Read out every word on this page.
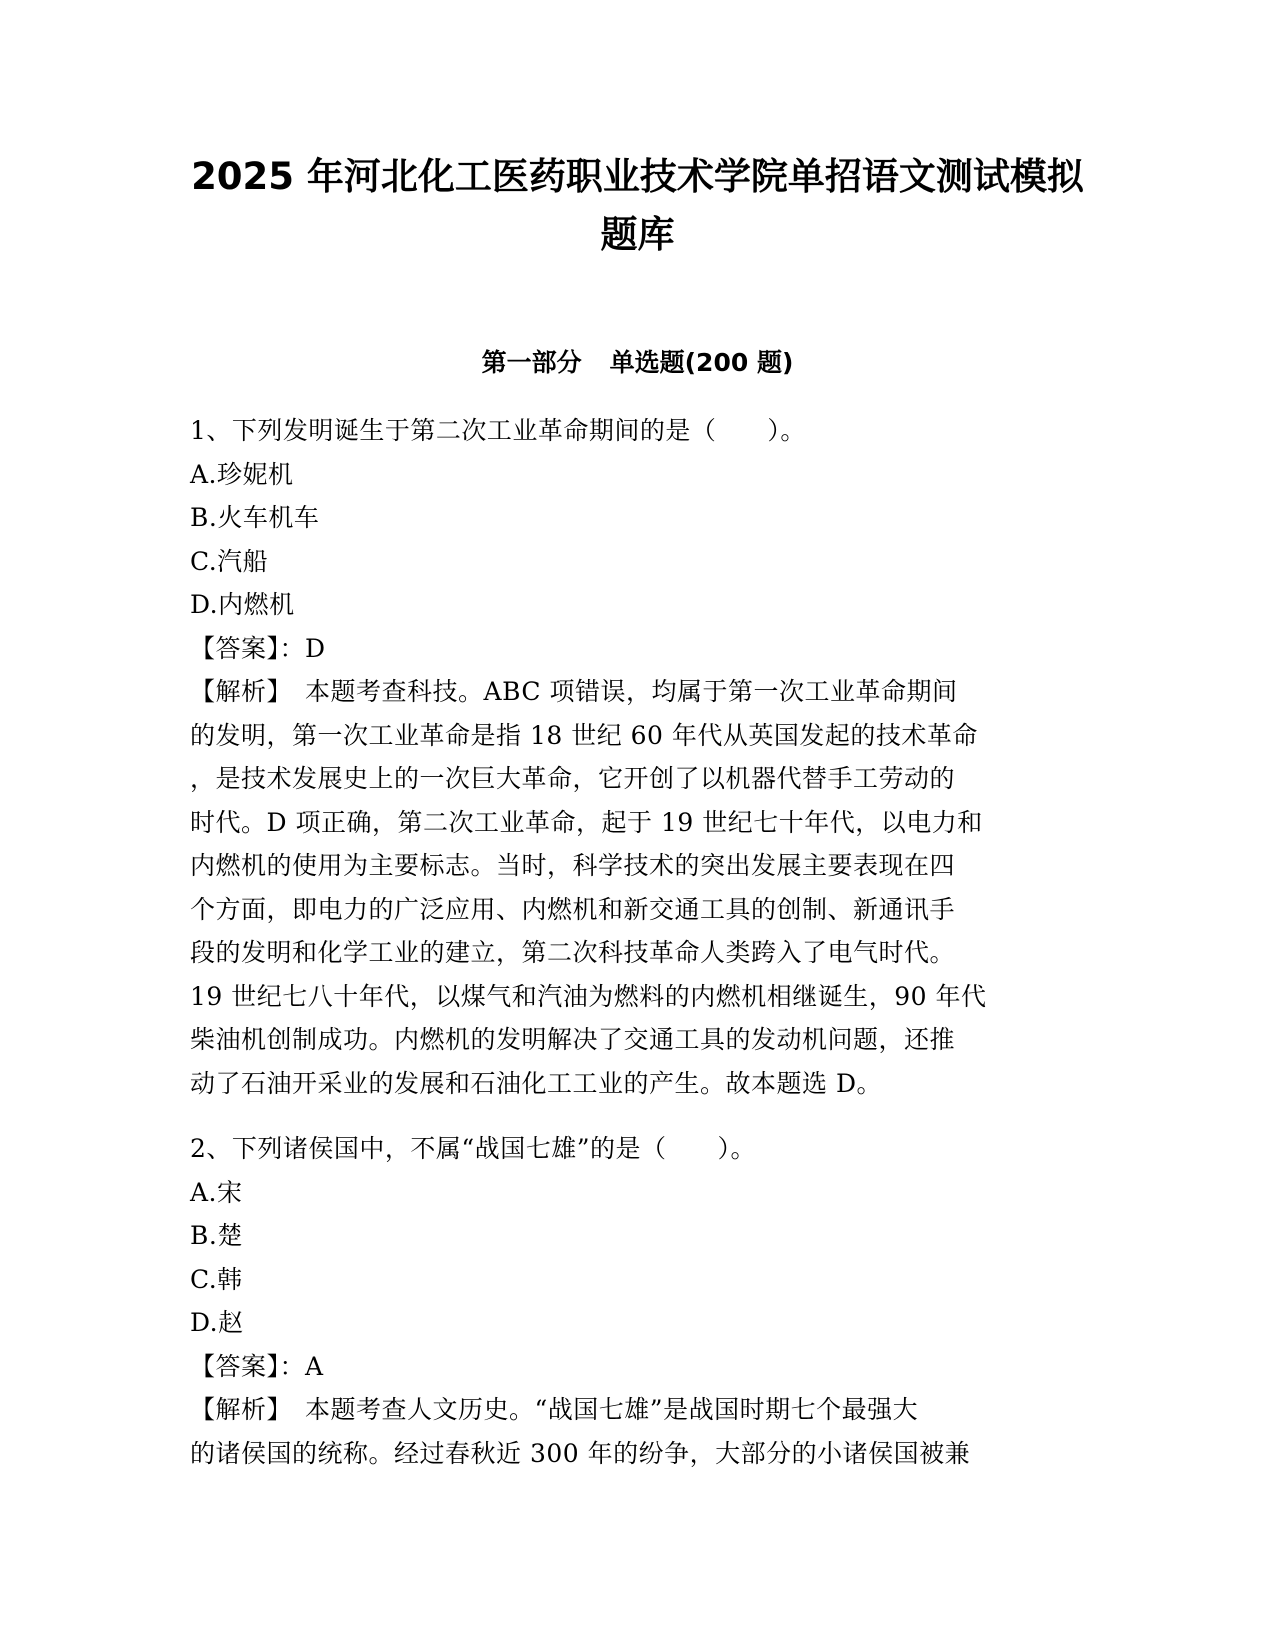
2025 年河北化工医药职业技术学院单招语文测试模拟
题库
第一部分 单选题(200 题)
1、下列发明诞生于第二次工业革命期间的是（　　）。
A.珍妮机
B.火车机车
C.汽船
D.内燃机
【答案】：D
【解析】　本题考查科技。ABC 项错误，均属于第一次工业革命期间
的发明，第一次工业革命是指 18 世纪 60 年代从英国发起的技术革命
，是技术发展史上的一次巨大革命，它开创了以机器代替手工劳动的
时代。D 项正确，第二次工业革命，起于 19 世纪七十年代，以电力和
内燃机的使用为主要标志。当时，科学技术的突出发展主要表现在四
个方面，即电力的广泛应用、内燃机和新交通工具的创制、新通讯手
段的发明和化学工业的建立，第二次科技革命人类跨入了电气时代。
19 世纪七八十年代，以煤气和汽油为燃料的内燃机相继诞生，90 年代
柴油机创制成功。内燃机的发明解决了交通工具的发动机问题，还推
动了石油开采业的发展和石油化工工业的产生。故本题选 D。
2、下列诸侯国中，不属“战国七雄”的是（　　）。
A.宋
B.楚
C.韩
D.赵
【答案】：A
【解析】　本题考查人文历史。“战国七雄”是战国时期七个最强大
的诸侯国的统称。经过春秋近 300 年的纷争，大部分的小诸侯国被兼
